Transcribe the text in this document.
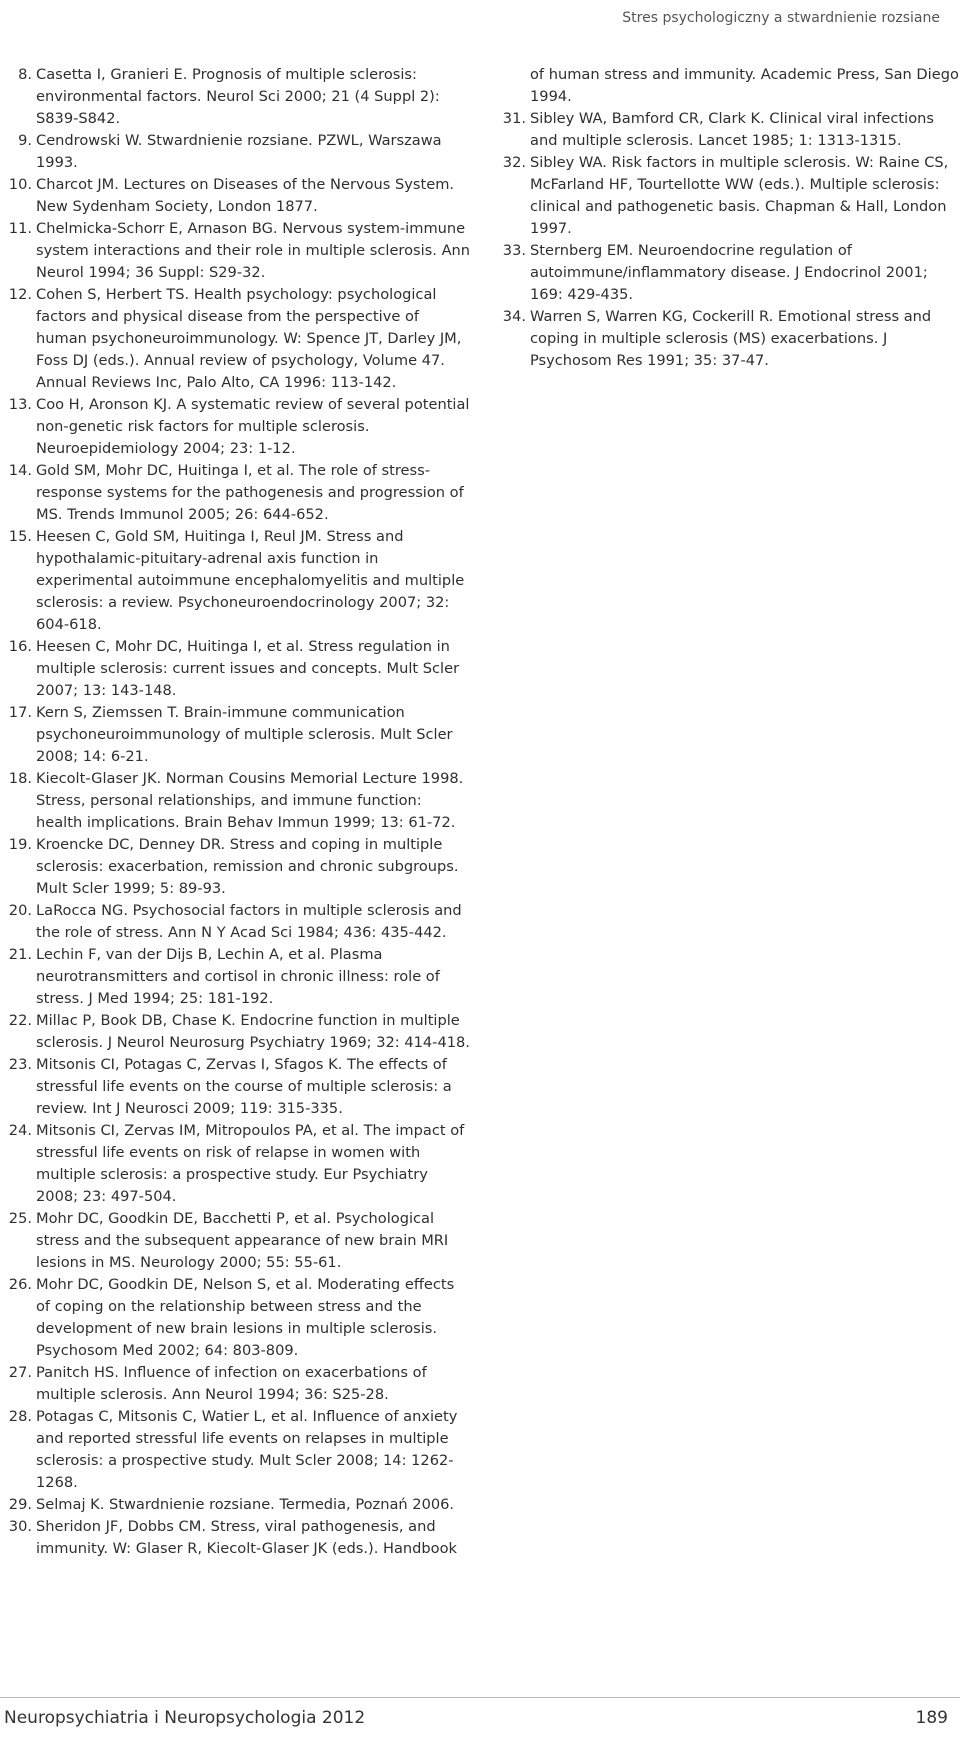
Stres psychologiczny a stwardnienie rozsiane

8. Casetta I, Granieri E. Prognosis of multiple sclerosis: environmental factors. Neurol Sci 2000; 21 (4 Suppl 2): S839-S842.

9. Cendrowski W. Stwardnienie rozsiane. PZWL, Warszawa 1993.

10. Charcot JM. Lectures on Diseases of the Nervous System. New Sydenham Society, London 1877.

11. Chelmicka-Schorr E, Arnason BG. Nervous system-immune system interactions and their role in multiple sclerosis. Ann Neurol 1994; 36 Suppl: S29-32.

12. Cohen S, Herbert TS. Health psychology: psychological factors and physical disease from the perspective of human psychoneuroimmunology. W: Spence JT, Darley JM, Foss DJ (eds.). Annual review of psychology, Volume 47. Annual Reviews Inc, Palo Alto, CA 1996: 113-142.

13. Coo H, Aronson KJ. A systematic review of several potential non-genetic risk factors for multiple sclerosis. Neuroepidemiology 2004; 23: 1-12.

14. Gold SM, Mohr DC, Huitinga I, et al. The role of stress-response systems for the pathogenesis and progression of MS. Trends Immunol 2005; 26: 644-652.

15. Heesen C, Gold SM, Huitinga I, Reul JM. Stress and hypothalamic-pituitary-adrenal axis function in experimental autoimmune encephalomyelitis and multiple sclerosis: a review. Psychoneuroendocrinology 2007; 32: 604-618.

16. Heesen C, Mohr DC, Huitinga I, et al. Stress regulation in multiple sclerosis: current issues and concepts. Mult Scler 2007; 13: 143-148.

17. Kern S, Ziemssen T. Brain-immune communication psychoneuroimmunology of multiple sclerosis. Mult Scler 2008; 14: 6-21.

18. Kiecolt-Glaser JK. Norman Cousins Memorial Lecture 1998. Stress, personal relationships, and immune function: health implications. Brain Behav Immun 1999; 13: 61-72.

19. Kroencke DC, Denney DR. Stress and coping in multiple sclerosis: exacerbation, remission and chronic subgroups. Mult Scler 1999; 5: 89-93.

20. LaRocca NG. Psychosocial factors in multiple sclerosis and the role of stress. Ann N Y Acad Sci 1984; 436: 435-442.

21. Lechin F, van der Dijs B, Lechin A, et al. Plasma neurotransmitters and cortisol in chronic illness: role of stress. J Med 1994; 25: 181-192.

22. Millac P, Book DB, Chase K. Endocrine function in multiple sclerosis. J Neurol Neurosurg Psychiatry 1969; 32: 414-418.

23. Mitsonis CI, Potagas C, Zervas I, Sfagos K. The effects of stressful life events on the course of multiple sclerosis: a review. Int J Neurosci 2009; 119: 315-335.

24. Mitsonis CI, Zervas IM, Mitropoulos PA, et al. The impact of stressful life events on risk of relapse in women with multiple sclerosis: a prospective study. Eur Psychiatry 2008; 23: 497-504.

25. Mohr DC, Goodkin DE, Bacchetti P, et al. Psychological stress and the subsequent appearance of new brain MRI lesions in MS. Neurology 2000; 55: 55-61.

26. Mohr DC, Goodkin DE, Nelson S, et al. Moderating effects of coping on the relationship between stress and the development of new brain lesions in multiple sclerosis. Psychosom Med 2002; 64: 803-809.

27. Panitch HS. Influence of infection on exacerbations of multiple sclerosis. Ann Neurol 1994; 36: S25-28.

28. Potagas C, Mitsonis C, Watier L, et al. Influence of anxiety and reported stressful life events on relapses in multiple sclerosis: a prospective study. Mult Scler 2008; 14: 1262-1268.

29. Selmaj K. Stwardnienie rozsiane. Termedia, Poznań 2006.

30. Sheridon JF, Dobbs CM. Stress, viral pathogenesis, and immunity. W: Glaser R, Kiecolt-Glaser JK (eds.). Handbook

of human stress and immunity. Academic Press, San Diego 1994.

31. Sibley WA, Bamford CR, Clark K. Clinical viral infections and multiple sclerosis. Lancet 1985; 1: 1313-1315.

32. Sibley WA. Risk factors in multiple sclerosis. W: Raine CS, McFarland HF, Tourtellotte WW (eds.). Multiple sclerosis: clinical and pathogenetic basis. Chapman & Hall, London 1997.

33. Sternberg EM. Neuroendocrine regulation of autoimmune/inflammatory disease. J Endocrinol 2001; 169: 429-435.

34. Warren S, Warren KG, Cockerill R. Emotional stress and coping in multiple sclerosis (MS) exacerbations. J Psychosom Res 1991; 35: 37-47.

Neuropsychiatria i Neuropsychologia 2012	189
